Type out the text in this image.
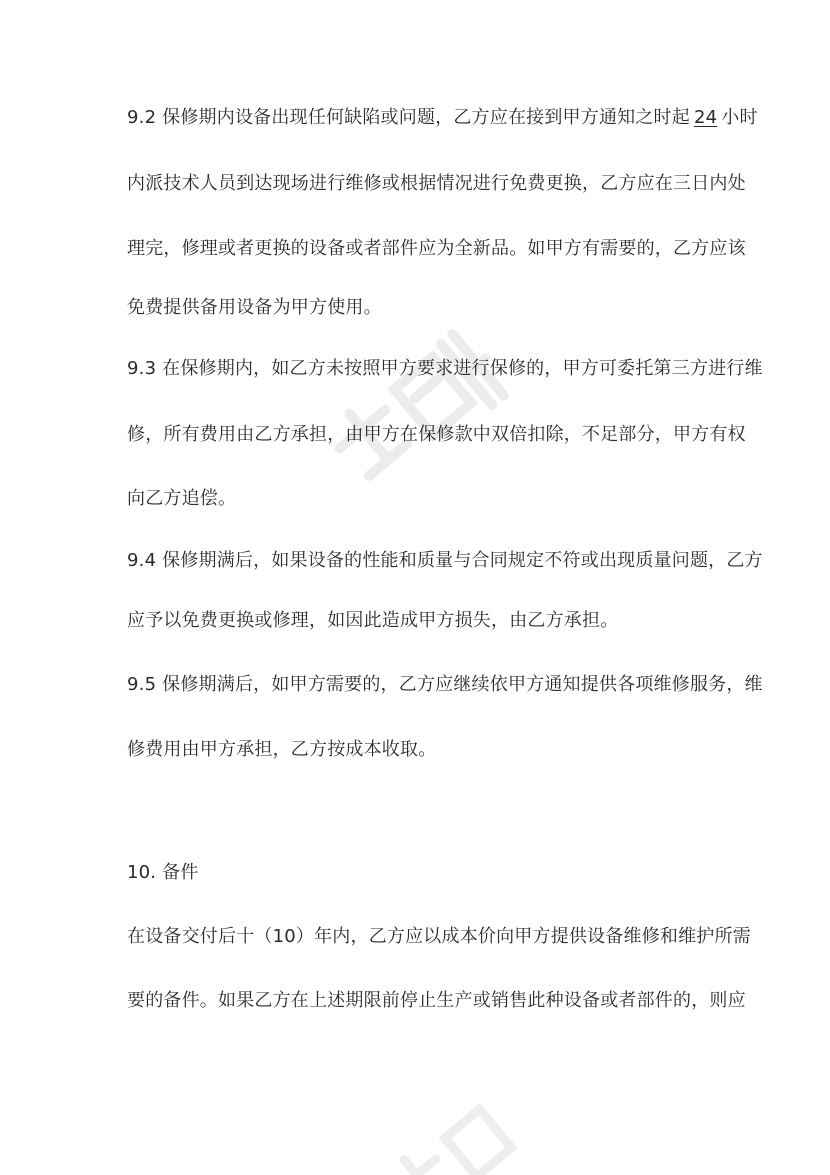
9.2 保修期内设备出现任何缺陷或问题，乙方应在接到甲方通知之时起 24 小时
内派技术人员到达现场进行维修或根据情况进行免费更换，乙方应在三日内处
理完，修理或者更换的设备或者部件应为全新品。如甲方有需要的，乙方应该
免费提供备用设备为甲方使用。
9.3 在保修期内，如乙方未按照甲方要求进行保修的，甲方可委托第三方进行维
修，所有费用由乙方承担，由甲方在保修款中双倍扣除，不足部分，甲方有权
向乙方追偿。
9.4 保修期满后，如果设备的性能和质量与合同规定不符或出现质量问题，乙方
应予以免费更换或修理，如因此造成甲方损失，由乙方承担。
9.5 保修期满后，如甲方需要的，乙方应继续依甲方通知提供各项维修服务，维
修费用由甲方承担，乙方按成本收取。
10. 备件
在设备交付后十（10）年内，乙方应以成本价向甲方提供设备维修和维护所需
要的备件。如果乙方在上述期限前停止生产或销售此种设备或者部件的，则应
